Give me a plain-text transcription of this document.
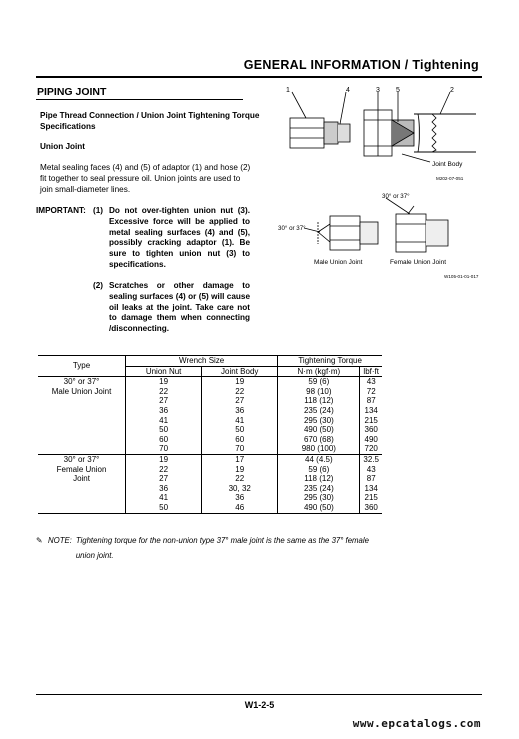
GENERAL INFORMATION / Tightening
PIPING JOINT
Pipe Thread Connection / Union Joint Tightening Torque Specifications
Union Joint
Metal sealing faces (4) and (5) of adaptor (1) and hose (2) fit together to seal pressure oil. Union joints are used to join small-diameter lines.
IMPORTANT: (1) Do not over-tighten union nut (3). Excessive force will be applied to metal sealing surfaces (4) and (5), possibly cracking adaptor (1). Be sure to tighten union nut (3) to specifications.
(2) Scratches or other damage to sealing surfaces (4) or (5) will cause oil leaks at the joint. Take care not to damage them when connecting /disconnecting.
1	4	3 5	2
Joint Body
M202-07-051
30° or 37°
30° or 37°
Male Union Joint	Female Union Joint
W105-01-01-017
Type	Wrench Size		Tightening Torque	
	Union Nut	Joint Body	N·m (kgf·m)	lbf·ft
30° or 37°	19	19	59 (6)	43
Male Union Joint	22	22	98 (10)	72
	27	27	118 (12)	87
	36	36	235 (24)	134
	41	41	295 (30)	215
	50	50	490 (50)	360
	60	60	670 (68)	490
	70	70	980 (100)	720
30° or 37°	19	17	44 (4.5)	32.5
Female Union	22	19	59 (6)	43
Joint	27	22	118 (12)	87
	36	30, 32	235 (24)	134
	41	36	295 (30)	215
	50	46	490 (50)	360
✎ NOTE: Tightening torque for the non-union type 37° male joint is the same as the 37° female union joint.
W1-2-5
www.epcatalogs.com
